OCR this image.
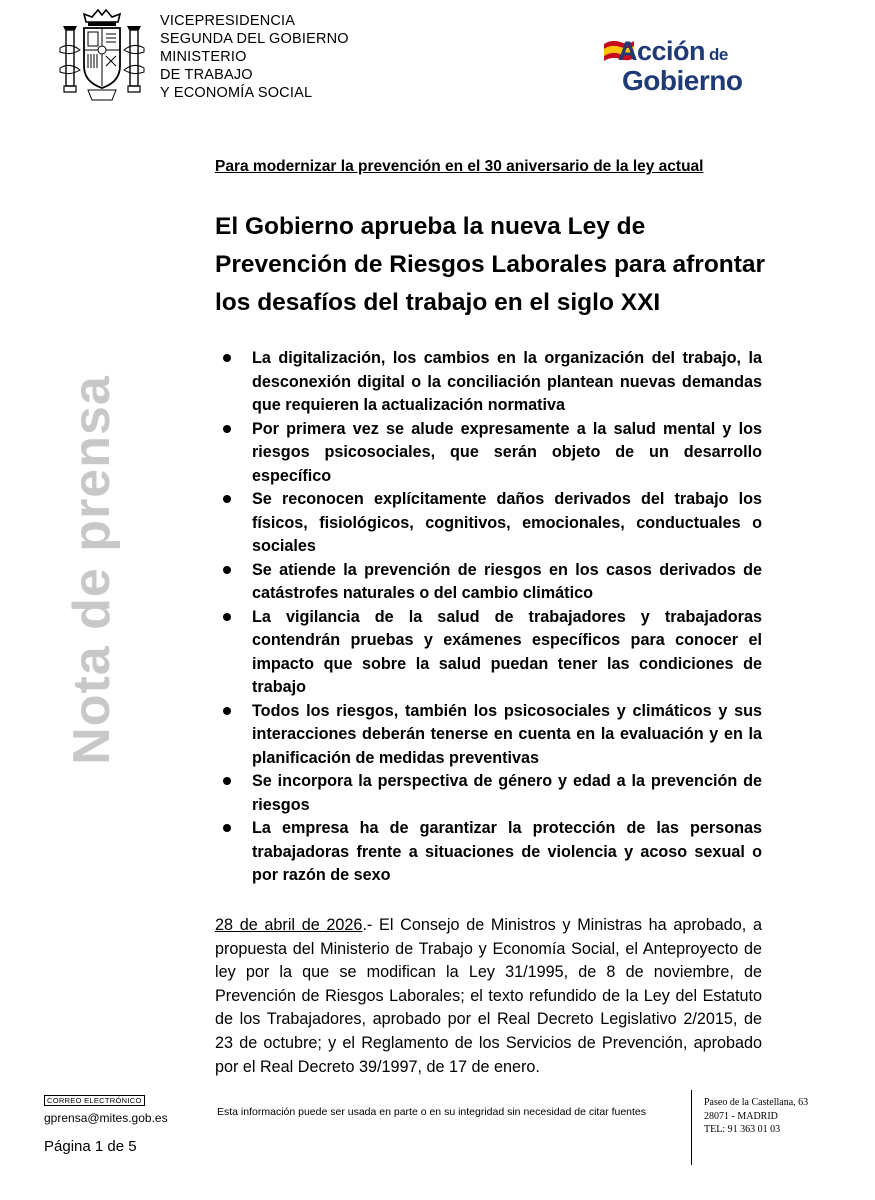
VICEPRESIDENCIA
SEGUNDA DEL GOBIERNO
MINISTERIO
DE TRABAJO
Y ECONOMÍA SOCIAL
Acción de
Gobierno
Nota de prensa
Para modernizar la prevención en el 30 aniversario de la ley actual
El Gobierno aprueba la nueva Ley de Prevención de Riesgos Laborales para afrontar los desafíos del trabajo en el siglo XXI
La digitalización, los cambios en la organización del trabajo, la desconexión digital o la conciliación plantean nuevas demandas que requieren la actualización normativa
Por primera vez se alude expresamente a la salud mental y los riesgos psicosociales, que serán objeto de un desarrollo específico
Se reconocen explícitamente daños derivados del trabajo los físicos, fisiológicos, cognitivos, emocionales, conductuales o sociales
Se atiende la prevención de riesgos en los casos derivados de catástrofes naturales o del cambio climático
La vigilancia de la salud de trabajadores y trabajadoras contendrán pruebas y exámenes específicos para conocer el impacto que sobre la salud puedan tener las condiciones de trabajo
Todos los riesgos, también los psicosociales y climáticos y sus interacciones deberán tenerse en cuenta en la evaluación y en la planificación de medidas preventivas
Se incorpora la perspectiva de género y edad a la prevención de riesgos
La empresa ha de garantizar la protección de las personas trabajadoras frente a situaciones de violencia y acoso sexual o por razón de sexo
28 de abril de 2026.- El Consejo de Ministros y Ministras ha aprobado, a propuesta del Ministerio de Trabajo y Economía Social, el Anteproyecto de ley por la que se modifican la Ley 31/1995, de 8 de noviembre, de Prevención de Riesgos Laborales; el texto refundido de la Ley del Estatuto de los Trabajadores, aprobado por el Real Decreto Legislativo 2/2015, de 23 de octubre; y el Reglamento de los Servicios de Prevención, aprobado por el Real Decreto 39/1997, de 17 de enero.
CORREO ELECTRÓNICO
gprensa@mites.gob.es	Esta información puede ser usada en parte o en su integridad sin necesidad de citar fuentes
Página 1 de 5
Paseo de la Castellana, 63
28071 - MADRID
TEL: 91 363 01 03
